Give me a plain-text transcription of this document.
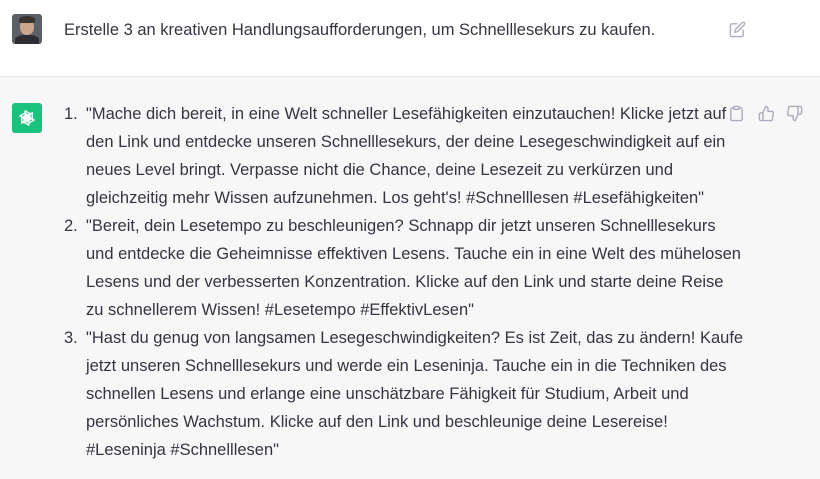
Erstelle 3 an kreativen Handlungsaufforderungen, um Schnelllesekurs zu kaufen.
1. "Mache dich bereit, in eine Welt schneller Lesefähigkeiten einzutauchen! Klicke jetzt auf
den Link und entdecke unseren Schnelllesekurs, der deine Lesegeschwindigkeit auf ein
neues Level bringt. Verpasse nicht die Chance, deine Lesezeit zu verkürzen und
gleichzeitig mehr Wissen aufzunehmen. Los geht's! #Schnelllesen #Lesefähigkeiten"
2. "Bereit, dein Lesetempo zu beschleunigen? Schnapp dir jetzt unseren Schnelllesekurs
und entdecke die Geheimnisse effektiven Lesens. Tauche ein in eine Welt des mühelosen
Lesens und der verbesserten Konzentration. Klicke auf den Link und starte deine Reise
zu schnellerem Wissen! #Lesetempo #EffektivLesen"
3. "Hast du genug von langsamen Lesegeschwindigkeiten? Es ist Zeit, das zu ändern! Kaufe
jetzt unseren Schnelllesekurs und werde ein Leseninja. Tauche ein in die Techniken des
schnellen Lesens und erlange eine unschätzbare Fähigkeit für Studium, Arbeit und
persönliches Wachstum. Klicke auf den Link und beschleunige deine Lesereise!
#Leseninja #Schnelllesen"
